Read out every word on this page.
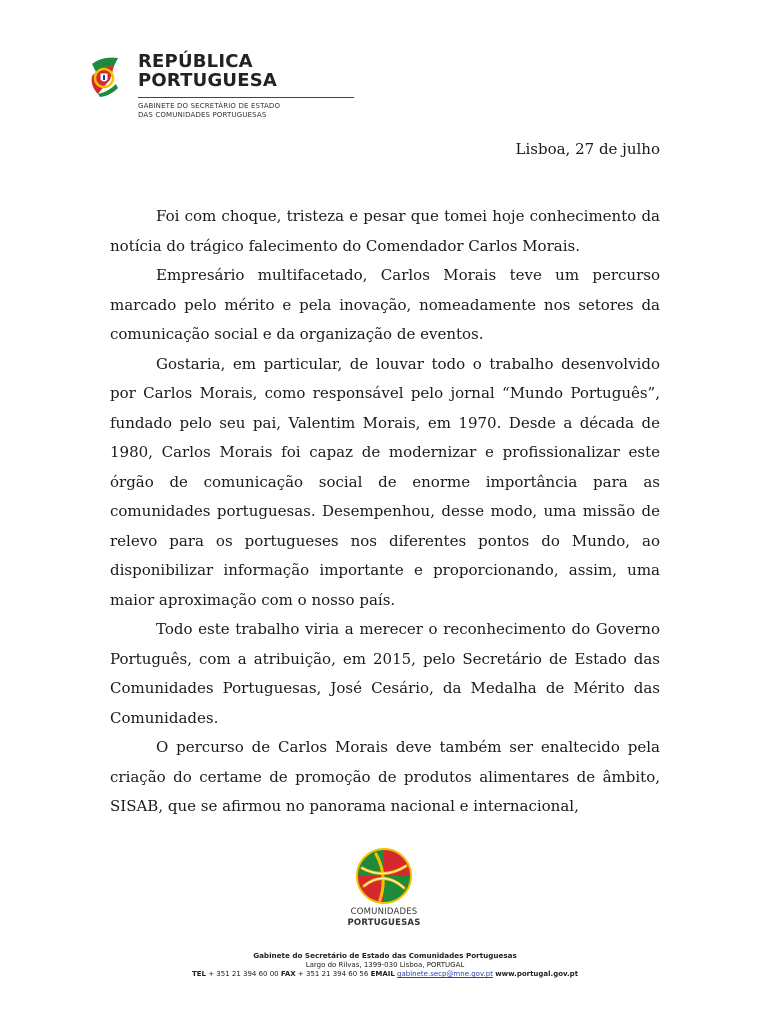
REPÚBLICA
PORTUGUESA
GABINETE DO SECRETÁRIO DE ESTADO
DAS COMUNIDADES PORTUGUESAS
Lisboa, 27 de julho

Foi com choque, tristeza e pesar que tomei hoje conhecimento da notícia do trágico falecimento do Comendador Carlos Morais.

Empresário multifacetado, Carlos Morais teve um percurso marcado pelo mérito e pela inovação, nomeadamente nos setores da comunicação social e da organização de eventos.

Gostaria, em particular, de louvar todo o trabalho desenvolvido por Carlos Morais, como responsável pelo jornal “Mundo Português”, fundado pelo seu pai, Valentim Morais, em 1970. Desde a década de 1980, Carlos Morais foi capaz de modernizar e profissionalizar este órgão de comunicação social de enorme importância para as comunidades portuguesas. Desempenhou, desse modo, uma missão de relevo para os portugueses nos diferentes pontos do Mundo, ao disponibilizar informação importante e proporcionando, assim, uma maior aproximação com o nosso país.

Todo este trabalho viria a merecer o reconhecimento do Governo Português, com a atribuição, em 2015, pelo Secretário de Estado das Comunidades Portuguesas, José Cesário, da Medalha de Mérito das Comunidades.

O percurso de Carlos Morais deve também ser enaltecido pela criação do certame de promoção de produtos alimentares de âmbito, SISAB, que se afirmou no panorama nacional e internacional,

COMUNIDADES
PORTUGUESAS
Gabinete do Secretário de Estado das Comunidades Portuguesas
Largo do Rilvas, 1399-030 Lisboa, PORTUGAL
TEL + 351 21 394 60 00 FAX + 351 21 394 60 56 EMAIL gabinete.secp@mne.gov.pt www.portugal.gov.pt
